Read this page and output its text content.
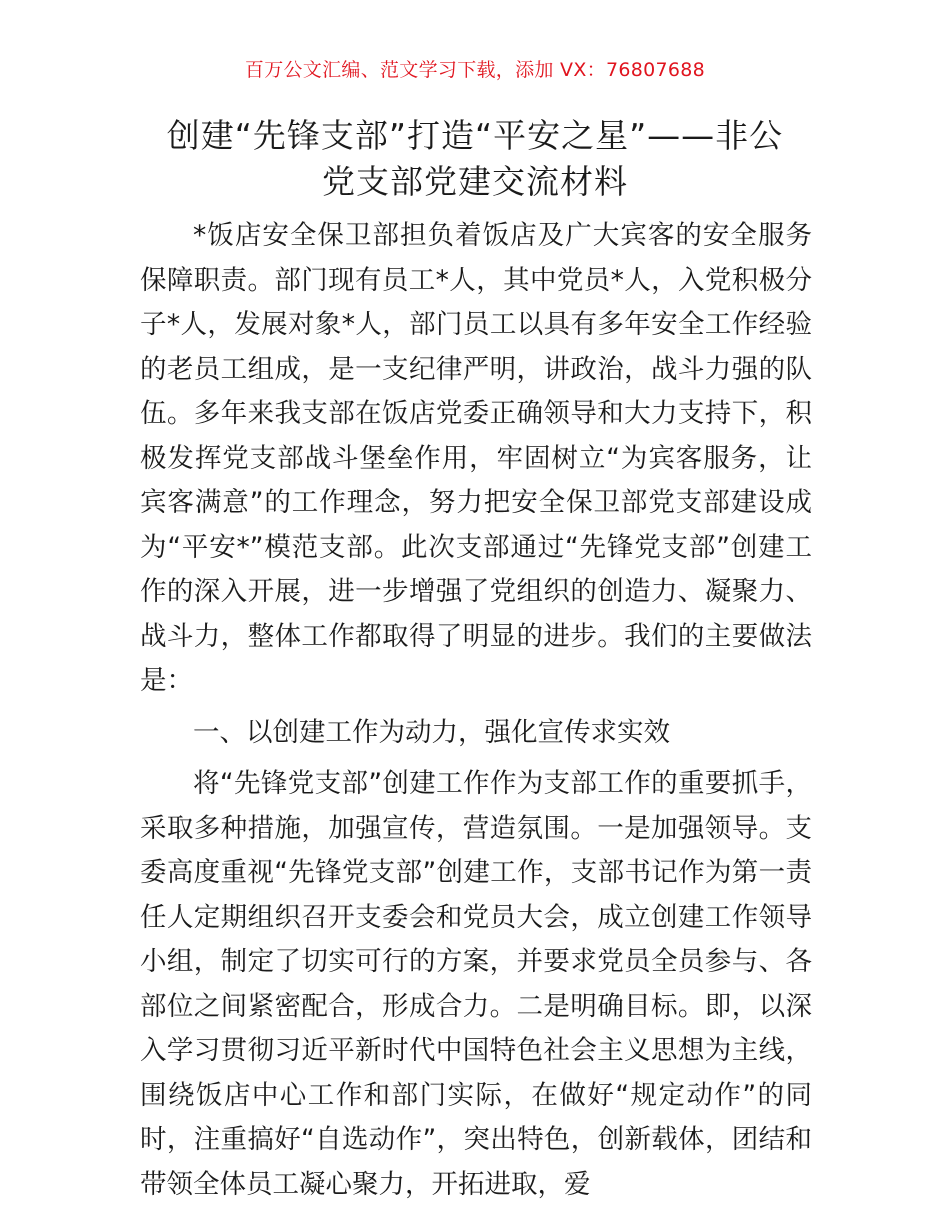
百万公文汇编、范文学习下载，添加 VX：76807688
创建“先锋支部”打造“平安之星”——非公
党支部党建交流材料

*饭店安全保卫部担负着饭店及广大宾客的安全服务保障职责。部门现有员工*人，其中党员*人，入党积极分子*人，发展对象*人，部门员工以具有多年安全工作经验的老员工组成，是一支纪律严明，讲政治，战斗力强的队伍。多年来我支部在饭店党委正确领导和大力支持下，积极发挥党支部战斗堡垒作用，牢固树立“为宾客服务，让宾客满意”的工作理念，努力把安全保卫部党支部建设成为“平安*”模范支部。此次支部通过“先锋党支部”创建工作的深入开展，进一步增强了党组织的创造力、凝聚力、战斗力，整体工作都取得了明显的进步。我们的主要做法是：

一、以创建工作为动力，强化宣传求实效

将“先锋党支部”创建工作作为支部工作的重要抓手，采取多种措施，加强宣传，营造氛围。一是加强领导。支委高度重视“先锋党支部”创建工作，支部书记作为第一责任人定期组织召开支委会和党员大会，成立创建工作领导小组，制定了切实可行的方案，并要求党员全员参与、各部位之间紧密配合，形成合力。二是明确目标。即，以深入学习贯彻习近平新时代中国特色社会主义思想为主线，围绕饭店中心工作和部门实际，在做好“规定动作”的同时，注重搞好“自选动作”，突出特色，创新载体，团结和带领全体员工凝心聚力，开拓进取，爱
